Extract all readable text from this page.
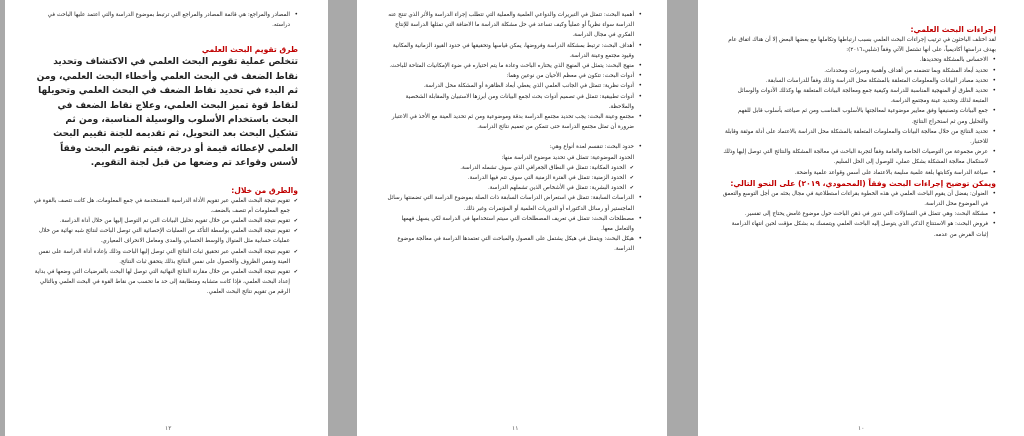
• المصادر والمراجع: هي قائمة المصادر والمراجع التي ترتبط بموضوع الدراسة والتي اعتمد عليها الباحث في دراسته.

طرق تقويم البحث العلمي

تتخلص عملية تقويم البحث العلمي في الاكتشاف وتحديد نقاط الضعف في البحث العلمي وأخطاء البحث العلمي، ومن ثم البدء في تحديد نقاط الضعف في البحث العلمي وتحويلها لنقاط قوة تميز البحث العلمي، وعلاج نقاط الضعف في البحث باستخدام الأسلوب والوسيلة المناسبة، ومن ثم تشكيل البحث بعد التحويل، ثم تقديمه للجنة تقييم البحث العلمي لإعطائه قيمة أو درجة، فيتم تقويم البحث وفقاً لأسس وقواعد تم وضعها من قبل لجنة التقويم.

والطرق من خلال:

✔ تقويم نتيجة البحث العلمي عبر تقويم الأداة الدراسية المستخدمة في جمع المعلومات، هل كانت تتصف بالقوة في جمع المعلومات أم تتصف بالضعف.
✔ تقويم نتيجة البحث العلمي من خلال تقويم تحليل البيانات التي تم التوصل إليها من خلال أداة الدراسة.
✔ تقويم نتيجة البحث العلمي بواسطة التأكد من العمليات الإحصائية التي توصل الباحث لنتائج شبه نهائية من خلال عمليات حسابية مثل المنوال والوسط الحسابي والمدى ومعامل الانحراف المعياري.
✔ تقويم نتيجة البحث العلمي عبر تحقيق ثبات النتائج التي توصل إليها الباحث وذلك بإعادة أداة الدراسة على نفس العينة ونفس الظروف والحصول على نفس النتائج بذلك يتحقق ثبات النتائج.
✔ تقويم نتيجة البحث العلمي من خلال مقارنة النتائج النهائية التي توصل لها البحث بالفرضيات التي وضعها في بداية إعداد البحث العلمي، فإذا كانت متشابه ومتطابقة إلى حد ما تحسب من نقاط القوة في البحث العلمي وبالتالي الرقم من تقويم نتائج البحث العلمي.
١٢
• أهمية البحث: تتمثل في التبريرات والدواعي العلمية والعملية التي تتطلب إجراء الدراسة والأثر الذي تنتج عنه الدراسة سواء نظرياً أو عملياً وكيف تساعد في حل مشكلة الدراسة ما الاضافة التي تمثلها الدراسة للإنتاج الفكري في مجال الدراسة.
• أهداف البحث: ترتبط بمشكلة الدراسة وفروضها، يمكن قياسها وتحقيقها في حدود القيود الزمانية والمكانية وقيود مجتمع وعينة الدراسة.
• منهج البحث: يتمثل في المنهج الذي يختاره الباحث وعادة ما يتم اختياره في ضوء الإمكانيات المتاحة للباحث.
• أدوات البحث: تتكون في معظم الأحيان من نوعين وهما:
• أدوات نظرية: تتمثل في الجانب العلمي الذي يغطي أبعاد الظاهرة أو المشكلة محل الدراسة.
• أدوات تطبيقية: تتمثل في تصميم أدوات بحث لجمع البيانات ومن أبرزها الاستبيان والمقابلة الشخصية والملاحظة.
• مجتمع وعينة البحث: يجب تحديد مجتمع الدراسة بدقة وموضوعية ومن ثم تحديد العينة مع الأخذ في الاعتبار ضرورة أن تمثل مجتمع الدراسة حتى تتمكن من تعميم نتائج الدراسة.
• حدود البحث: تنقسم لعدة أنواع وهي:

الحدود الموضوعية: تتمثل في تحديد موضوع الدراسة منها:

✔ الحدود المكانية: تتمثل في النطاق الجغرافي الذي سوف تشمله الدراسة.
✔ الحدود الزمنية: تتمثل في الفترة الزمنية التي سوف تتم فيها الدراسة.
✔ الحدود البشرية: تتمثل في الأشخاص الذين تشملهم الدراسة.
• الدراسات السابقة: تتمثل في استعراض الدراسات السابقة ذات الصلة بموضوع الدراسة التي تضمنتها رسائل الماجستير أو رسائل الدكتوراه أو الدوريات العلمية أو المؤتمرات وغير ذلك.
• مصطلحات البحث: تتمثل في تعريف المصطلحات التي سيتم استخدامها في الدراسة لكي يسهل فهمها والتعامل معها.
• هيكل البحث: ويتمثل في هيكل يشتمل على الفصول والمباحث التي تعتمدها الدراسة في معالجة موضوع الدراسة.
١١

إجراءات البحث العلمي:

لقد اختلف الباحثون في ترتيب إجراءات البحث العلمي بسبب ارتباطها وتكاملها مع بعضها البعض إلا أن هناك اتفاق عام بهدف دراستها أكاديمياً، على أنها تشتمل الآتي وفقاً (شلبي،٢٠١٦):

• الاحساس بالمشكلة وتحديدها.
• تحديد أبعاد المشكلة وبما تتضمنه من أهداف وأهمية ومبررات ومحددات.
• تحديد مصادر البيانات والمعلومات المتعلقة بالمشكلة محل الدراسة وذلك وفقاً للدراسات السابقة.
• تحديد الطرق أو المنهجية المناسبة للدراسة وكيفية جمع ومعالجة البيانات المتعلقة بها وكذلك الأدوات والوسائل المتبعة لذلك وتحديد عينة ومجتمع الدراسة.
• جمع البيانات وتصنيفها وفق معايير موضوعية لمعالجتها بالأسلوب المناسب ومن ثم صياغته بأسلوب قابل للفهم والتحليل ومن ثم استخراج النتائج.
• تحديد النتائج من خلال معالجة البيانات والمعلومات المتعلقة بالمشكلة محل الدراسة بالاعتماد على أدلة موثقة وقابلة للاختبار.
• عرض مجموعة من التوصيات الخاصة والعامة وفقاً لتجربة الباحث في معالجة المشكلة والنتائج التي توصل إليها وذلك لاستكمال معالجة المشكلة بشكل عملي، للوصول إلى الحل السليم.
• صياغة الدراسة وكتابتها بلغة علمية سليمة بالاعتماد على أسس وقواعد علمية واضحة.

ويمكن توضيح إجراءات البحث وفقاً (المحمودي، ٢٠١٩) على النحو التالي:

• العنوان: يفضل أن يقوم الباحث العلمي في هذه الخطوة بقراءات استطلاعية في مجال بحثه من أجل التوسع والتعمق في الموضوع محل الدراسة.
• مشكلة البحث: وهي تتمثل في التساؤلات التي تدور في ذهن الباحث حول موضوع غامض يحتاج إلى تفسير.
• فروض البحث: هو الاستنتاج الذكي الذي يتوصل إليه الباحث العلمي ويتمسك به بشكل مؤقت لحين انتهاء الدراسة إثبات الفرض من عدمه.
١٠
